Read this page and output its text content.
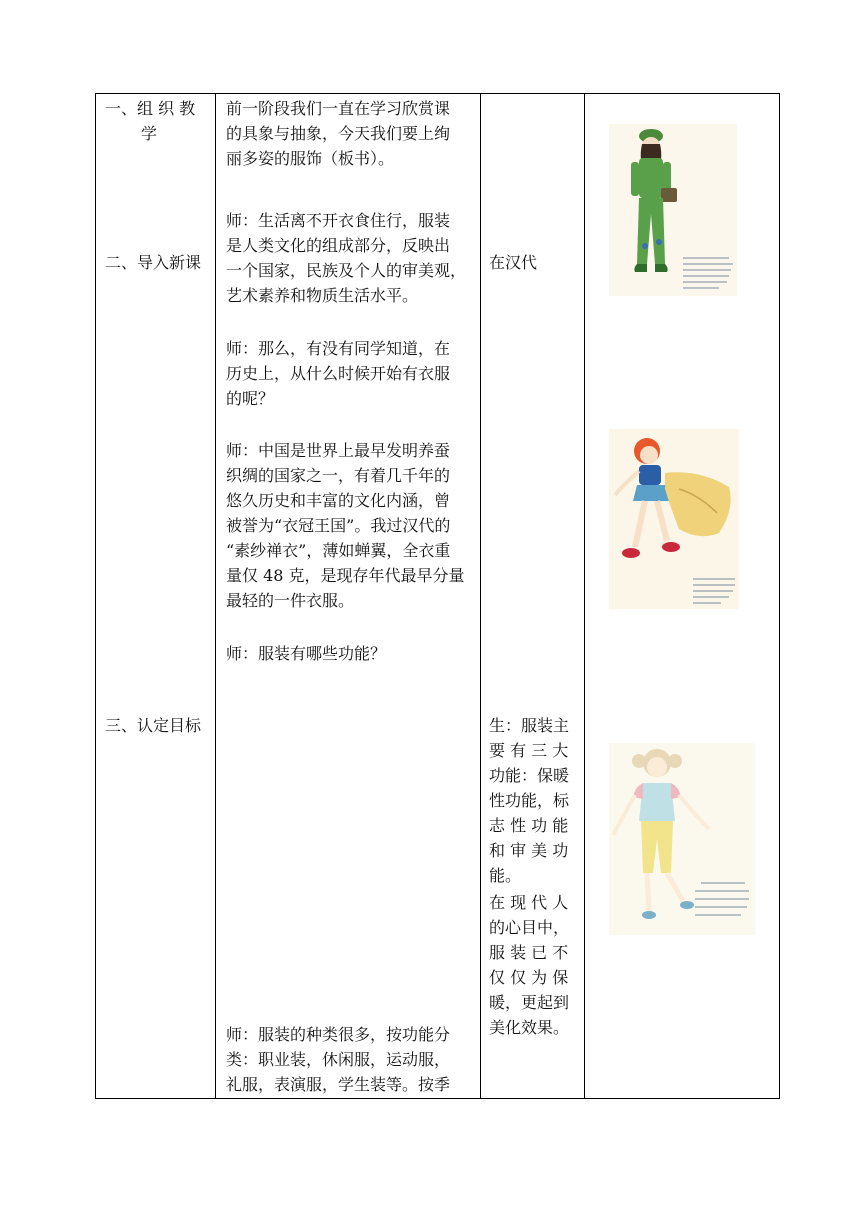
一、组 织 教
学
二、导入新课
三、认定目标
前一阶段我们一直在学习欣赏课
的具象与抽象，今天我们要上绚
丽多姿的服饰（板书）。
师：生活离不开衣食住行，服装
是人类文化的组成部分，反映出
一个国家，民族及个人的审美观，
艺术素养和物质生活水平。
师：那么，有没有同学知道，在
历史上，从什么时候开始有衣服
的呢？
师：中国是世界上最早发明养蚕
织绸的国家之一，有着几千年的
悠久历史和丰富的文化内涵，曾
被誉为“衣冠王国”。我过汉代的
“素纱禅衣”，薄如蝉翼，全衣重
量仅 48 克，是现存年代最早分量
最轻的一件衣服。
师：服装有哪些功能？
师：服装的种类很多，按功能分
类：职业装，休闲服，运动服，
礼服，表演服，学生装等。按季
在汉代
生：服装主
要 有 三 大
功能：保暖
性功能，标
志 性 功 能
和 审 美 功
能。
在 现 代 人
的心目中，
服 装 已 不
仅 仅 为 保
暖，更起到
美化效果。
